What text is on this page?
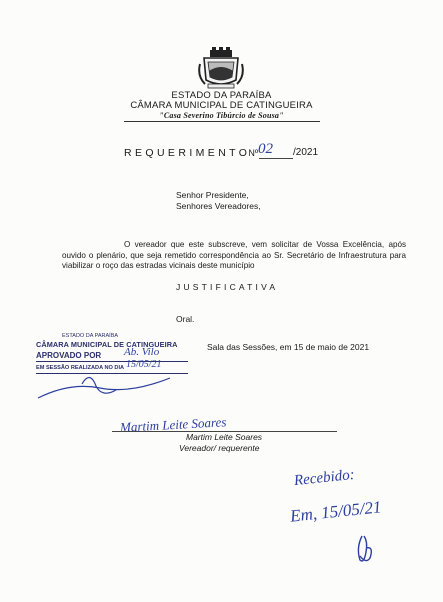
ESTADO DA PARAÍBA
CÂMARA MUNICIPAL DE CATINGUEIRA
"Casa Severino Tibúrcio de Sousa"
REQUERIMENTONº 02 /2021
Senhor Presidente,
Senhores Vereadores,
O vereador que este subscreve, vem solicitar de Vossa Excelência, após ouvido o plenário, que seja remetido correspondência ao Sr. Secretário de Infraestrutura para viabilizar o roço das estradas vicinais deste município
JUSTIFICATIVA
Oral.
ESTADO DA PARAÍBA
CÂMARA MUNICIPAL DE CATINGUEIRA
APROVADO POR
EM SESSÃO REALIZADA NO DIA
Ab. Vilo
15/05/21
Sala das Sessões, em 15 de maio de 2021
Martim Leite Soares
Martim Leite Soares
Vereador/ requerente
Recebido:
Em, 15/05/21
